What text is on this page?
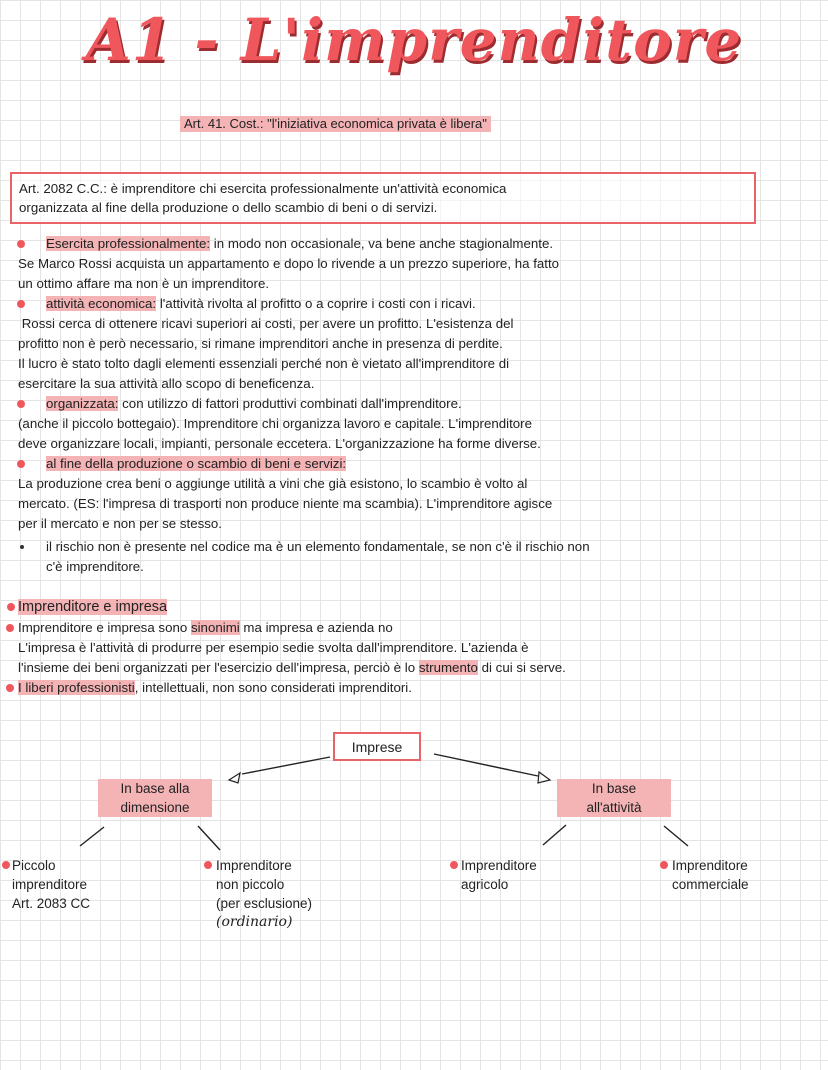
A1 - L'imprenditore
Art. 41. Cost.: "l'iniziativa economica privata è libera"
Art. 2082 C.C.: è imprenditore chi esercita professionalmente un'attività economica
organizzata al fine della produzione o dello scambio di beni o di servizi.
Esercita professionalmente: in modo non occasionale, va bene anche stagionalmente.
Se Marco Rossi acquista un appartamento e dopo lo rivende a un prezzo superiore, ha fatto
un ottimo affare ma non è un imprenditore.
attività economica: l'attività rivolta al profitto o a coprire i costi con i ricavi.
Rossi cerca di ottenere ricavi superiori ai costi, per avere un profitto. L'esistenza del
profitto non è però necessario, si rimane imprenditori anche in presenza di perdite.
Il lucro è stato tolto dagli elementi essenziali perché non è vietato all'imprenditore di
esercitare la sua attività allo scopo di beneficenza.
organizzata: con utilizzo di fattori produttivi combinati dall'imprenditore.
(anche il piccolo bottegaio). Imprenditore chi organizza lavoro e capitale. L'imprenditore
deve organizzare locali, impianti, personale eccetera. L'organizzazione ha forme diverse.
al fine della produzione o scambio di beni e servizi:
La produzione crea beni o aggiunge utilità a vini che già esistono, lo scambio è volto al
mercato. (ES: l'impresa di trasporti non produce niente ma scambia). L'imprenditore agisce
per il mercato e non per se stesso.
il rischio non è presente nel codice ma è un elemento fondamentale, se non c'è il rischio non
c'è imprenditore.
Imprenditore e impresa
Imprenditore e impresa sono sinonimi ma impresa e azienda no
L'impresa è l'attività di produrre per esempio sedie svolta dall'imprenditore. L'azienda è
l'insieme dei beni organizzati per l'esercizio dell'impresa, perciò è lo strumento di cui si serve.
I liberi professionisti, intellettuali, non sono considerati imprenditori.
Imprese
In base alla
dimensione
In base
all'attività
Piccolo
imprenditore
Art. 2083 CC
Imprenditore
non piccolo
(per esclusione)
(ordinario)
Imprenditore
agricolo
Imprenditore
commerciale
